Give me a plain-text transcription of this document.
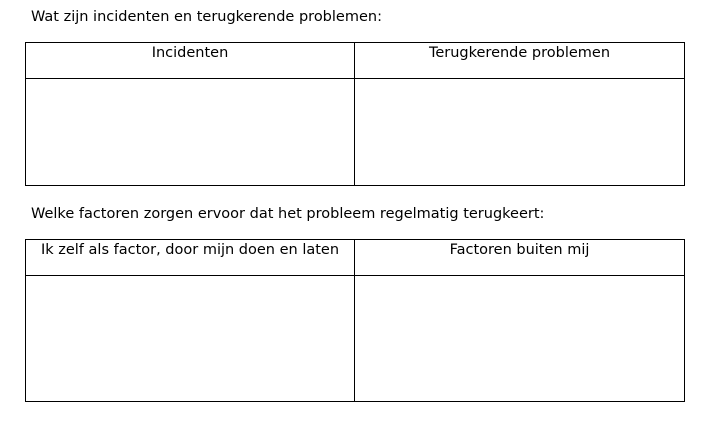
Wat zijn incidenten en terugkerende problemen:

Incidenten	Terugkerende problemen

Welke factoren zorgen ervoor dat het probleem regelmatig terugkeert:

Ik zelf als factor, door mijn doen en laten	Factoren buiten mij
